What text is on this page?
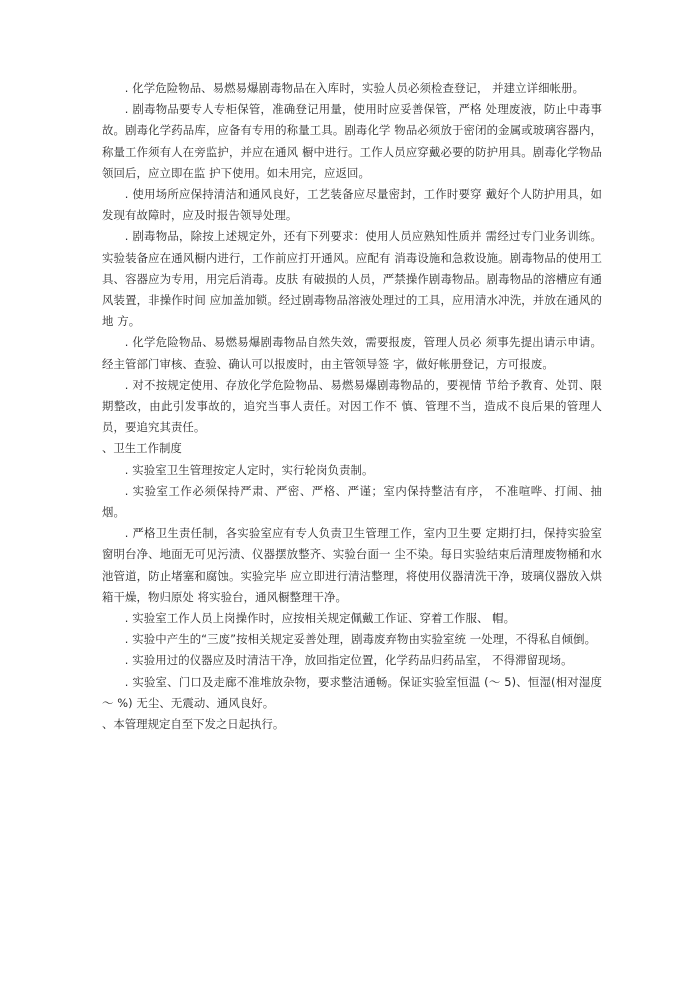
. 化学危险物品、易燃易爆剧毒物品在入库时，实验人员必须检查登记， 并建立详细帐册。

. 剧毒物品要专人专柜保管，准确登记用量，使用时应妥善保管，严格 处理废液，防止中毒事故。剧毒化学药品库，应备有专用的称量工具。剧毒化学 物品必须放于密闭的金属或玻璃容器内，称量工作须有人在旁监护，并应在通风 橱中进行。工作人员应穿戴必要的防护用具。剧毒化学物品领回后，应立即在监 护下使用。如未用完，应返回。

. 使用场所应保持清洁和通风良好，工艺装备应尽量密封，工作时要穿 戴好个人防护用具，如发现有故障时，应及时报告领导处理。

. 剧毒物品，除按上述规定外，还有下列要求：使用人员应熟知性质并 需经过专门业务训练。实验装备应在通风橱内进行，工作前应打开通风。应配有 消毒设施和急救设施。剧毒物品的使用工具、容器应为专用，用完后消毒。皮肤 有破损的人员，严禁操作剧毒物品。剧毒物品的溶槽应有通风装置，非操作时间 应加盖加锁。经过剧毒物品溶液处理过的工具，应用清水冲洗，并放在通风的地 方。

. 化学危险物品、易燃易爆剧毒物品自然失效，需要报废，管理人员必 须事先提出请示申请。经主管部门审核、查验、确认可以报废时，由主管领导签 字，做好帐册登记，方可报废。

. 对不按规定使用、存放化学危险物品、易燃易爆剧毒物品的，要视情 节给予教育、处罚、限期整改，由此引发事故的，追究当事人责任。对因工作不 慎、管理不当，造成不良后果的管理人员，要追究其责任。

、卫生工作制度

. 实验室卫生管理按定人定时，实行轮岗负责制。

. 实验室工作必须保持严肃、严密、严格、严谨；室内保持整洁有序， 不准喧哗、打闹、抽烟。

. 严格卫生责任制，各实验室应有专人负责卫生管理工作，室内卫生要 定期打扫，保持实验室窗明台净、地面无可见污渍、仪器摆放整齐、实验台面一 尘不染。每日实验结束后清理废物桶和水池管道，防止堵塞和腐蚀。实验完毕 应立即进行清洁整理，将使用仪器清洗干净，玻璃仪器放入烘箱干燥，物归原处 将实验台，通风橱整理干净。

. 实验室工作人员上岗操作时，应按相关规定佩戴工作证、穿着工作服、 帽。

. 实验中产生的“三废”按相关规定妥善处理，剧毒废弃物由实验室统 一处理，不得私自倾倒。

. 实验用过的仪器应及时清洁干净，放回指定位置，化学药品归药品室， 不得滞留现场。

. 实验室、门口及走廊不准堆放杂物，要求整洁通畅。保证实验室恒温 (～ 5)、恒湿(相对湿度 ～ %) 无尘、无震动、通风良好。

、本管理规定自至下发之日起执行。
